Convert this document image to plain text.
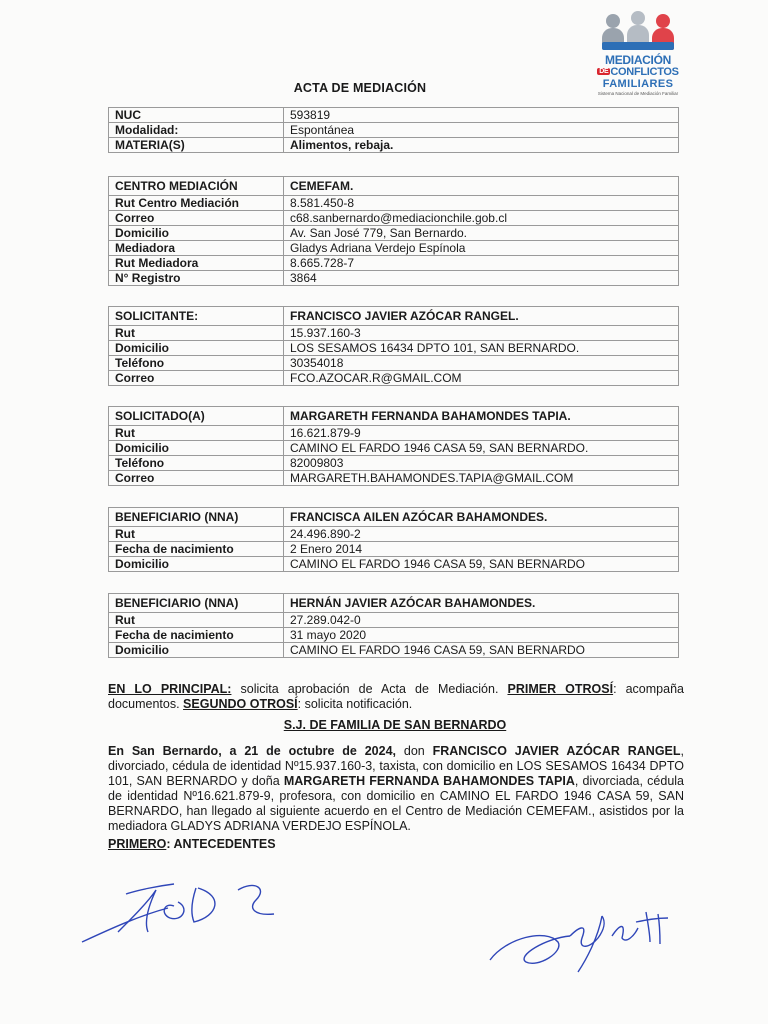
MEDIACIÓN
DE CONFLICTOS
FAMILIARES
Sistema Nacional de Mediación Familiar
ACTA DE MEDIACIÓN
NUC	593819
Modalidad:	Espontánea
MATERIA(S)	Alimentos, rebaja.
CENTRO MEDIACIÓN	CEMEFAM.
Rut Centro Mediación	8.581.450-8
Correo	c68.sanbernardo@mediacionchile.gob.cl
Domicilio	Av. San José 779, San Bernardo.
Mediadora	Gladys Adriana Verdejo Espínola
Rut Mediadora	8.665.728-7
N° Registro	3864
SOLICITANTE:	FRANCISCO JAVIER AZÓCAR RANGEL.
Rut	15.937.160-3
Domicilio	LOS SESAMOS 16434 DPTO 101, SAN BERNARDO.
Teléfono	30354018
Correo	FCO.AZOCAR.R@GMAIL.COM
SOLICITADO(A)	MARGARETH FERNANDA BAHAMONDES TAPIA.
Rut	16.621.879-9
Domicilio	CAMINO EL FARDO 1946 CASA 59, SAN BERNARDO.
Teléfono	82009803
Correo	MARGARETH.BAHAMONDES.TAPIA@GMAIL.COM
BENEFICIARIO (NNA)	FRANCISCA AILEN AZÓCAR BAHAMONDES.
Rut	24.496.890-2
Fecha de nacimiento	2 Enero 2014
Domicilio	CAMINO EL FARDO 1946 CASA 59, SAN BERNARDO
BENEFICIARIO (NNA)	HERNÁN JAVIER AZÓCAR BAHAMONDES.
Rut	27.289.042-0
Fecha de nacimiento	31 mayo 2020
Domicilio	CAMINO EL FARDO 1946 CASA 59, SAN BERNARDO
EN LO PRINCIPAL: solicita aprobación de Acta de Mediación. PRIMER OTROSÍ: acompaña documentos. SEGUNDO OTROSÍ: solicita notificación.
S.J. DE FAMILIA DE SAN BERNARDO
En San Bernardo, a 21 de octubre de 2024, don FRANCISCO JAVIER AZÓCAR RANGEL, divorciado, cédula de identidad Nº15.937.160-3, taxista, con domicilio en LOS SESAMOS 16434 DPTO 101, SAN BERNARDO y doña MARGARETH FERNANDA BAHAMONDES TAPIA, divorciada, cédula de identidad Nº16.621.879-9, profesora, con domicilio en CAMINO EL FARDO 1946 CASA 59, SAN BERNARDO, han llegado al siguiente acuerdo en el Centro de Mediación CEMEFAM., asistidos por la mediadora GLADYS ADRIANA VERDEJO ESPÍNOLA.
PRIMERO: ANTECEDENTES
